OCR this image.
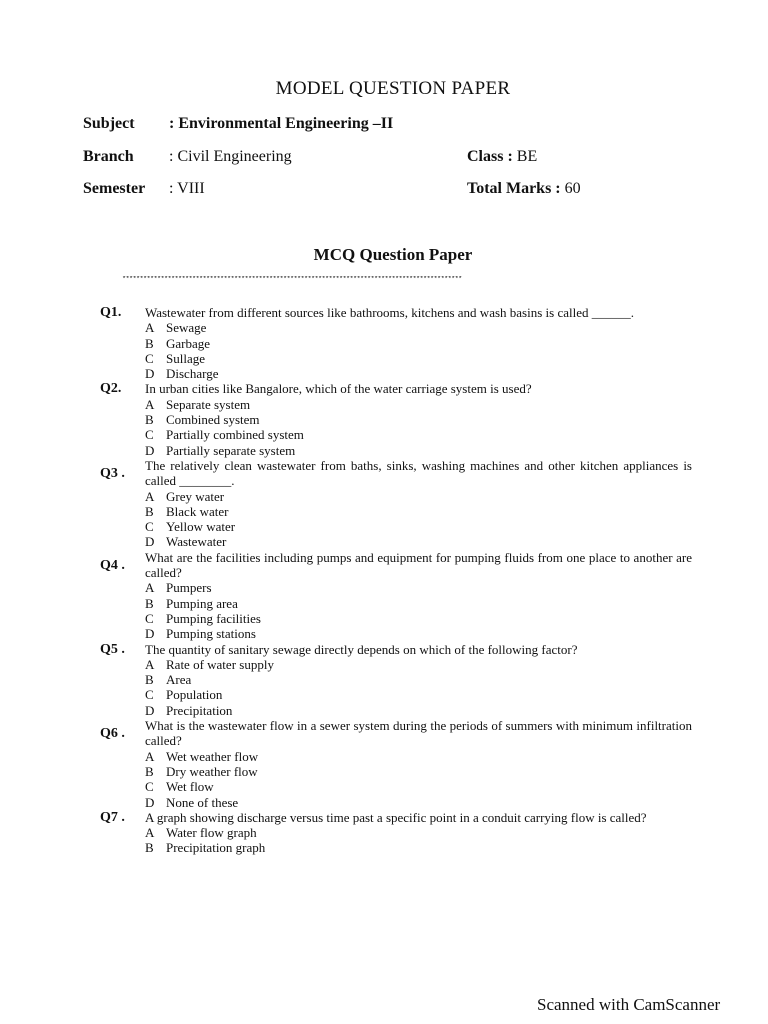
MODEL QUESTION PAPER
Subject : Environmental Engineering –II
Branch : Civil Engineering	Class : BE
Semester : VIII	Total Marks : 60
MCQ Question Paper
*************************************************************************************************
Q1. Wastewater from different sources like bathrooms, kitchens and wash basins is called ______.
A Sewage
B Garbage
C Sullage
D Discharge
Q2. In urban cities like Bangalore, which of the water carriage system is used?
A Separate system
B Combined system
C Partially combined system
D Partially separate system
Q3 .
The relatively clean wastewater from baths, sinks, washing machines and other kitchen appliances is called ________.
A Grey water
B Black water
C Yellow water
D Wastewater
Q4 .
What are the facilities including pumps and equipment for pumping fluids from one place to another are called?
A Pumpers
B Pumping area
C Pumping facilities
D Pumping stations
Q5 . The quantity of sanitary sewage directly depends on which of the following factor?
A Rate of water supply
B Area
C Population
D Precipitation
Q6 .
What is the wastewater flow in a sewer system during the periods of summers with minimum infiltration called?
A Wet weather flow
B Dry weather flow
C Wet flow
D None of these
Q7 . A graph showing discharge versus time past a specific point in a conduit carrying flow is called?
A Water flow graph
B Precipitation graph
Scanned with CamScanner
